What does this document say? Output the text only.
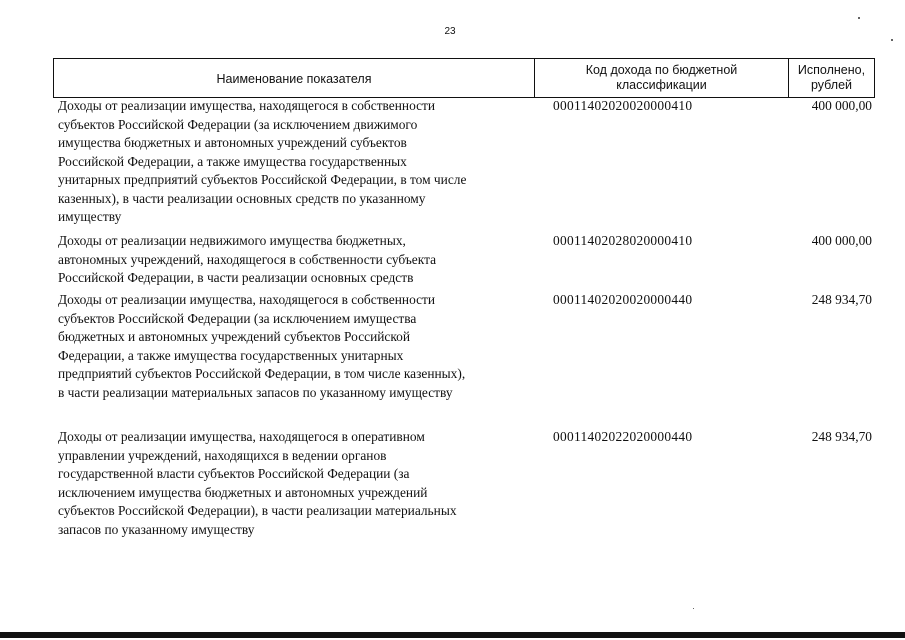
23
Наименование показателя
Код дохода по бюджетной классификации
Исполнено, рублей
Доходы от реализации имущества, находящегося в собственности
субъектов Российской Федерации (за исключением движимого
имущества бюджетных и автономных учреждений субъектов
Российской Федерации, а также имущества государственных
унитарных предприятий субъектов Российской Федерации, в том числе
казенных), в части реализации основных средств по указанному
имуществу
00011402020020000410	400 000,00
Доходы от реализации недвижимого имущества бюджетных,
автономных учреждений, находящегося в собственности субъекта
Российской Федерации, в части реализации основных средств
00011402028020000410	400 000,00
Доходы от реализации имущества, находящегося в собственности
субъектов Российской Федерации (за исключением имущества
бюджетных и автономных учреждений субъектов Российской
Федерации, а также имущества государственных унитарных
предприятий субъектов Российской Федерации, в том числе казенных),
в части реализации материальных запасов по указанному имуществу
00011402020020000440	248 934,70
Доходы от реализации имущества, находящегося в оперативном
управлении учреждений, находящихся в ведении органов
государственной власти субъектов Российской Федерации (за
исключением имущества бюджетных и автономных учреждений
субъектов Российской Федерации), в части реализации материальных
запасов по указанному имуществу
00011402022020000440	248 934,70
